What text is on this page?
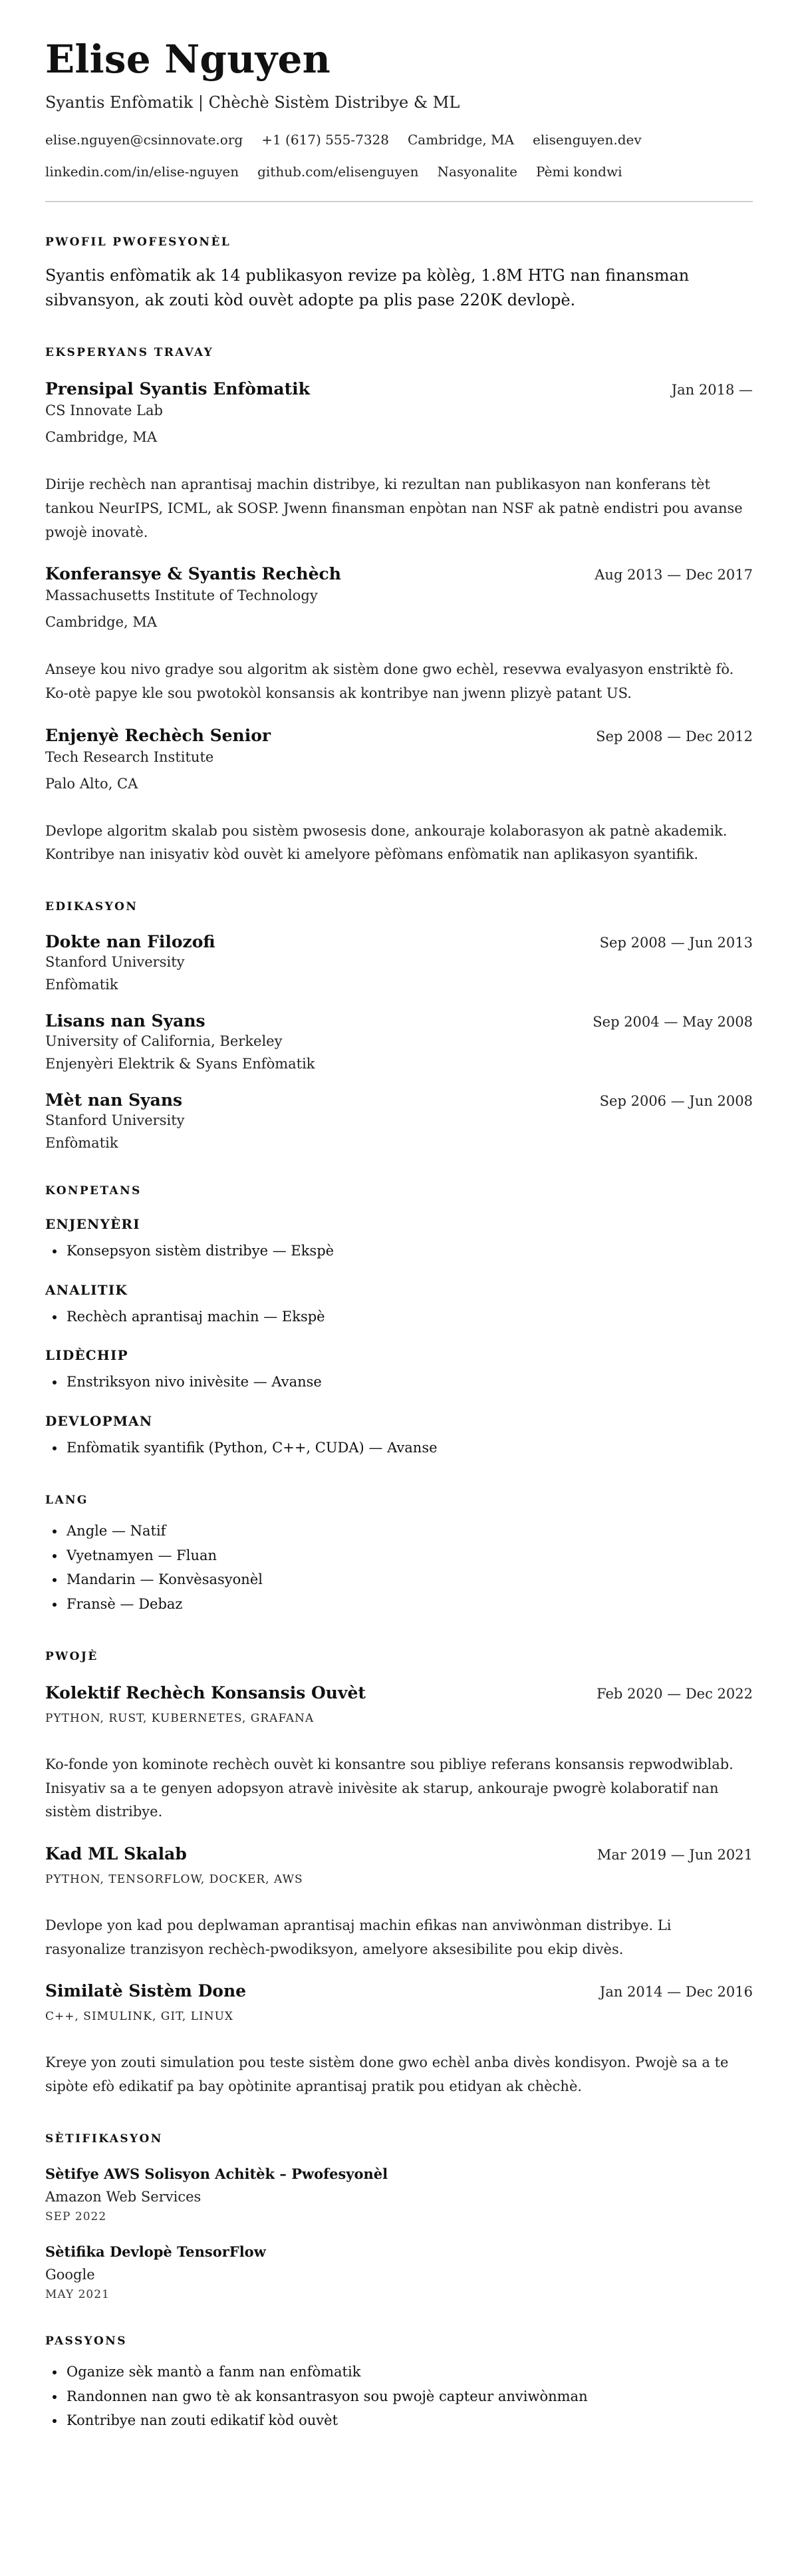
Elise Nguyen
Syantis Enfòmatik | Chèchè Sistèm Distribye & ML
elise.nguyen@csinnovate.org +1 (617) 555-7328 Cambridge, MA elisenguyen.dev
linkedin.com/in/elise-nguyen github.com/elisenguyen Nasyonalite Pèmi kondwi
PWOFIL PWOFESYONÈL
Syantis enfòmatik ak 14 publikasyon revize pa kòlèg, 1.8M HTG nan finansman sibvansyon, ak zouti kòd ouvèt adopte pa plis pase 220K devlopè.
EKSPERYANS TRAVAY
Prensipal Syantis Enfòmatik	Jan 2018 —
CS Innovate Lab
Cambridge, MA
Dirije rechèch nan aprantisaj machin distribye, ki rezultan nan publikasyon nan konferans tèt tankou NeurIPS, ICML, ak SOSP. Jwenn finansman enpòtan nan NSF ak patnè endistri pou avanse pwojè inovatè.
Konferansye & Syantis Rechèch	Aug 2013 — Dec 2017
Massachusetts Institute of Technology
Cambridge, MA
Anseye kou nivo gradye sou algoritm ak sistèm done gwo echèl, resevwa evalyasyon enstriktè fò. Ko-otè papye kle sou pwotokòl konsansis ak kontribye nan jwenn plizyè patant US.
Enjenyè Rechèch Senior	Sep 2008 — Dec 2012
Tech Research Institute
Palo Alto, CA
Devlope algoritm skalab pou sistèm pwosesis done, ankouraje kolaborasyon ak patnè akademik. Kontribye nan inisyativ kòd ouvèt ki amelyore pèfòmans enfòmatik nan aplikasyon syantifik.
EDIKASYON
Dokte nan Filozofi	Sep 2008 — Jun 2013
Stanford University
Enfòmatik
Lisans nan Syans	Sep 2004 — May 2008
University of California, Berkeley
Enjenyèri Elektrik & Syans Enfòmatik
Mèt nan Syans	Sep 2006 — Jun 2008
Stanford University
Enfòmatik
KONPETANS
ENJENYÈRI
• Konsepsyon sistèm distribye — Ekspè
ANALITIK
• Rechèch aprantisaj machin — Ekspè
LIDÈCHIP
• Enstriksyon nivo inivèsite — Avanse
DEVLOPMAN
• Enfòmatik syantifik (Python, C++, CUDA) — Avanse
LANG
• Angle — Natif
• Vyetnamyen — Fluan
• Mandarin — Konvèsasyonèl
• Fransè — Debaz
PWOJÈ
Kolektif Rechèch Konsansis Ouvèt	Feb 2020 — Dec 2022
PYTHON, RUST, KUBERNETES, GRAFANA
Ko-fonde yon kominote rechèch ouvèt ki konsantre sou pibliye referans konsansis repwodwiblab. Inisyativ sa a te genyen adopsyon atravè inivèsite ak starup, ankouraje pwogrè kolaboratif nan sistèm distribye.
Kad ML Skalab	Mar 2019 — Jun 2021
PYTHON, TENSORFLOW, DOCKER, AWS
Devlope yon kad pou deplwaman aprantisaj machin efikas nan anviwònman distribye. Li rasyonalize tranzisyon rechèch-pwodiksyon, amelyore aksesibilite pou ekip divès.
Similatè Sistèm Done	Jan 2014 — Dec 2016
C++, SIMULINK, GIT, LINUX
Kreye yon zouti simulation pou teste sistèm done gwo echèl anba divès kondisyon. Pwojè sa a te sipòte efò edikatif pa bay opòtinite aprantisaj pratik pou etidyan ak chèchè.
SÈTIFIKASYON
Sètifye AWS Solisyon Achitèk – Pwofesyonèl
Amazon Web Services
SEP 2022
Sètifika Devlopè TensorFlow
Google
MAY 2021
PASSYONS
• Oganize sèk mantò a fanm nan enfòmatik
• Randonnen nan gwo tè ak konsantrasyon sou pwojè capteur anviwònman
• Kontribye nan zouti edikatif kòd ouvèt
